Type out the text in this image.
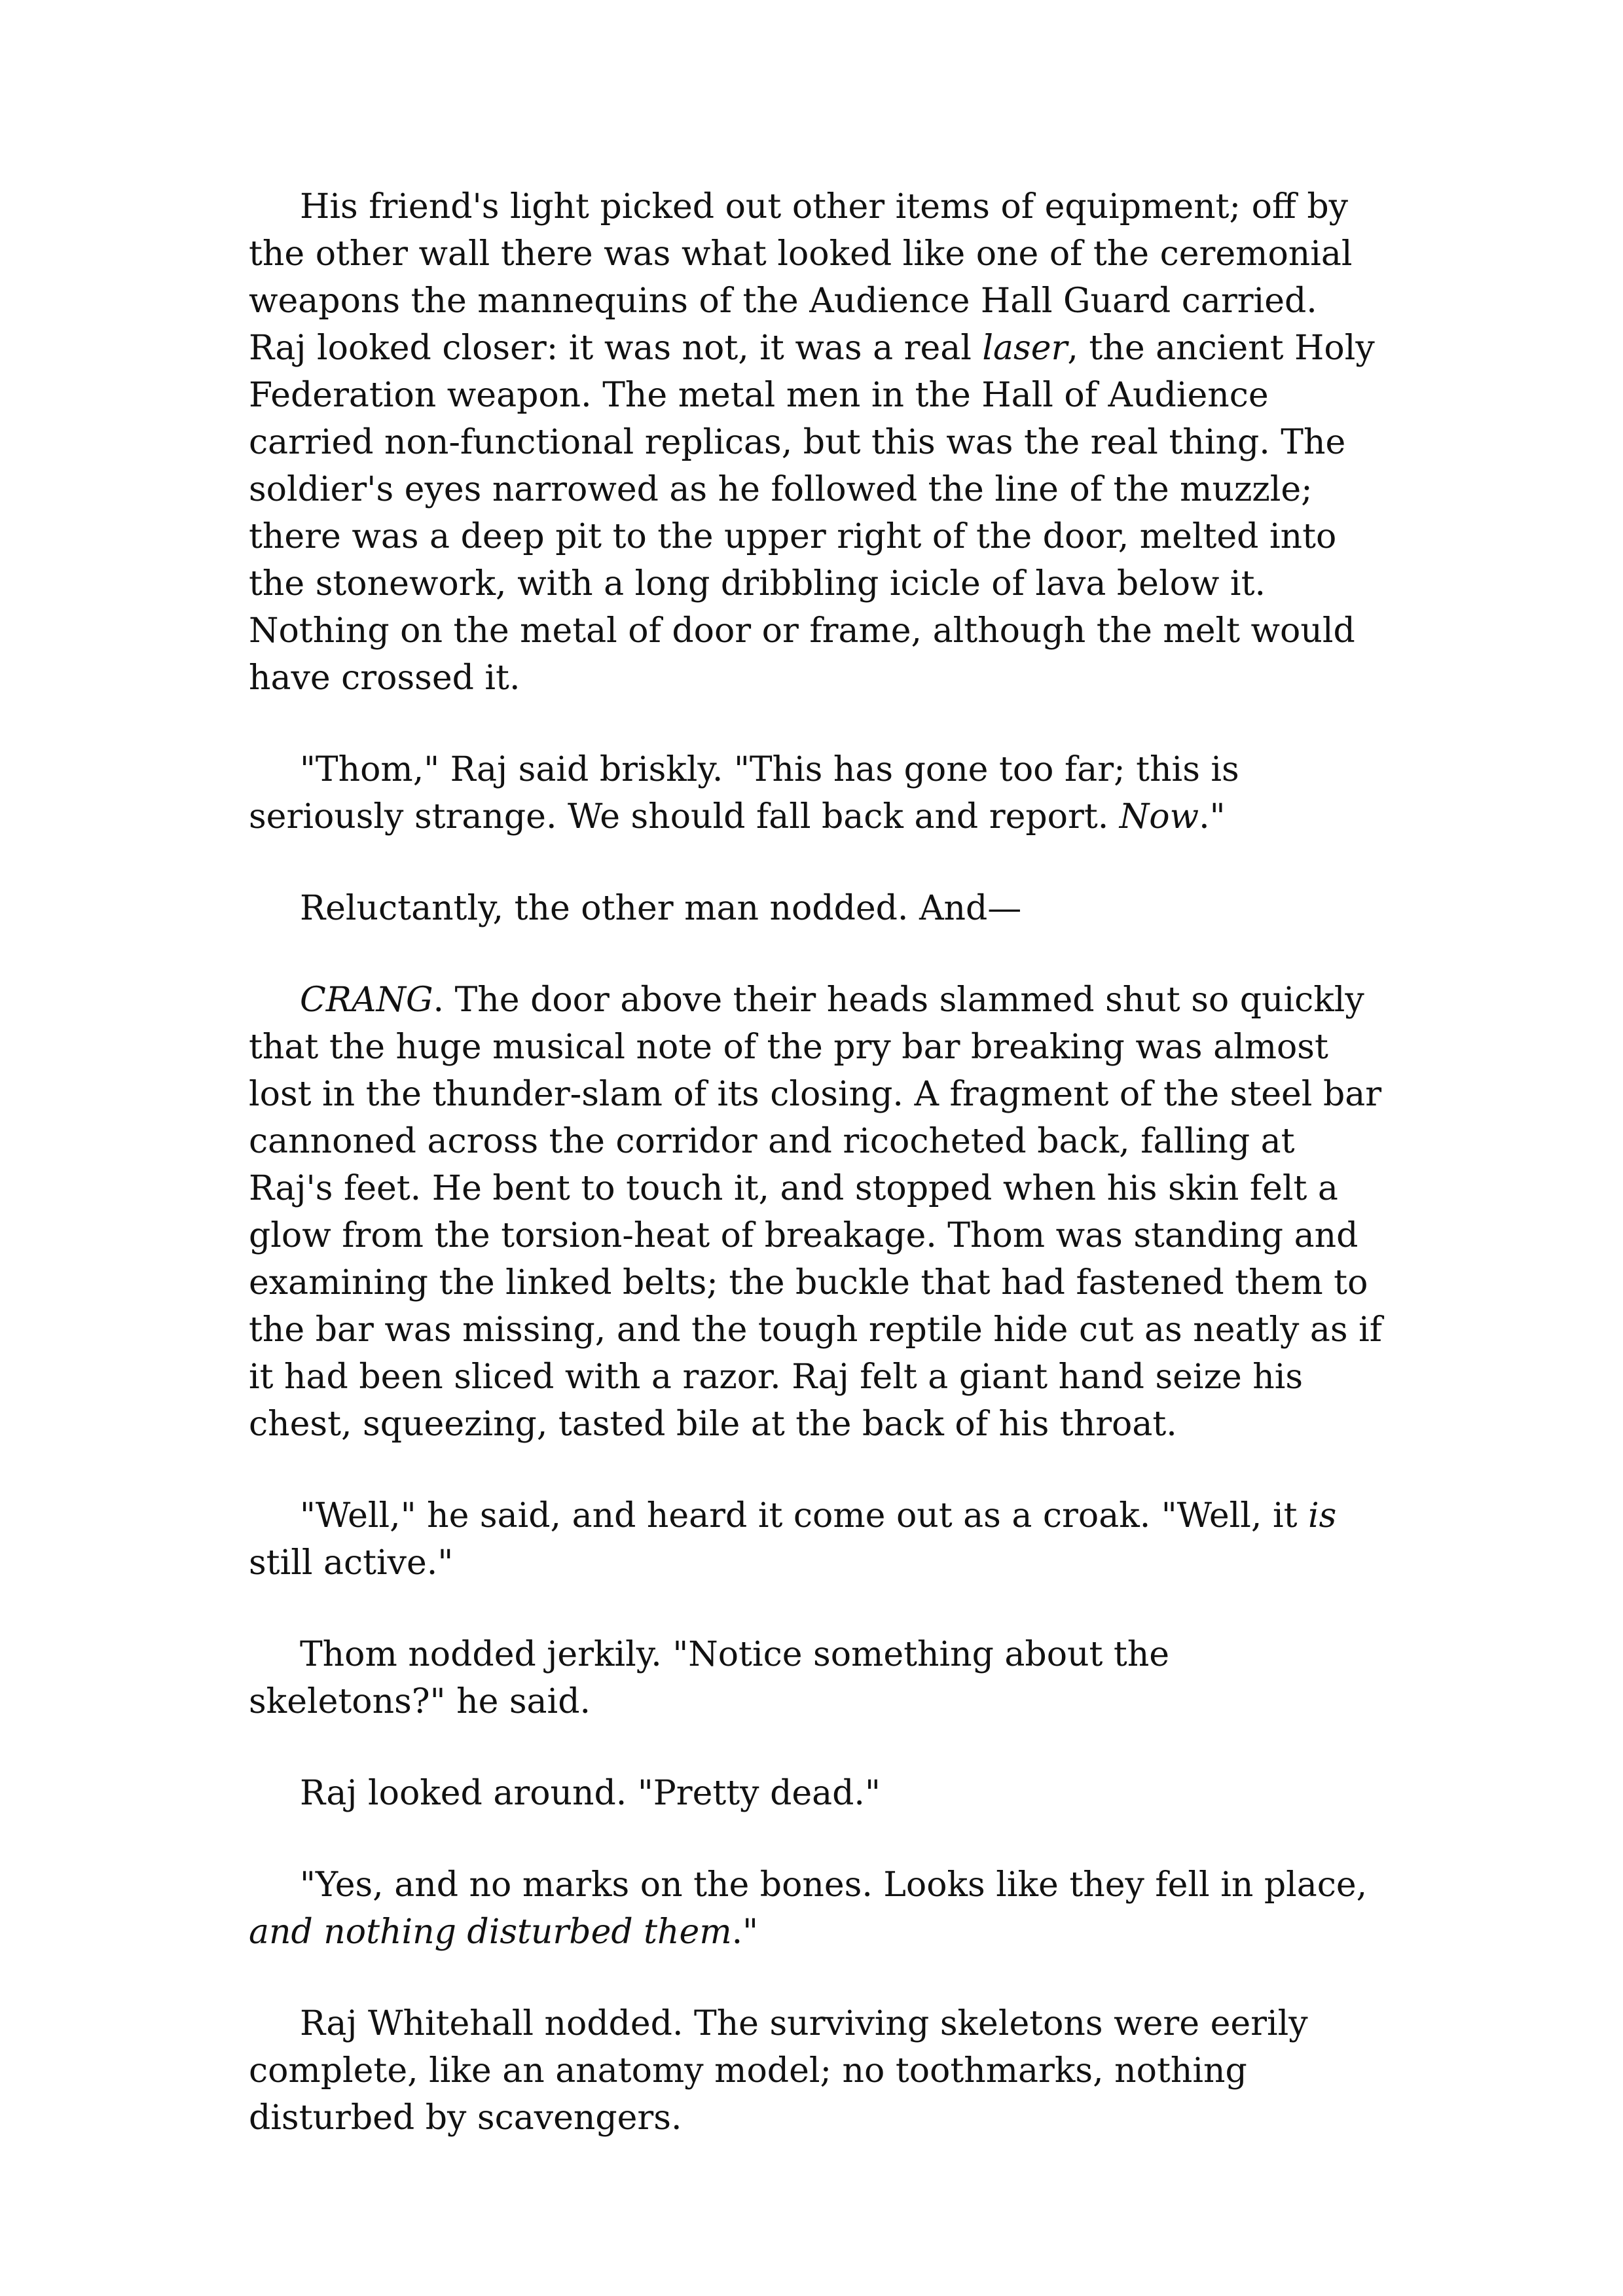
His friend's light picked out other items of equipment; off by
the other wall there was what looked like one of the ceremonial
weapons the mannequins of the Audience Hall Guard carried.
Raj looked closer: it was not, it was a real laser, the ancient Holy
Federation weapon. The metal men in the Hall of Audience
carried non-functional replicas, but this was the real thing. The
soldier's eyes narrowed as he followed the line of the muzzle;
there was a deep pit to the upper right of the door, melted into
the stonework, with a long dribbling icicle of lava below it.
Nothing on the metal of door or frame, although the melt would
have crossed it.

"Thom," Raj said briskly. "This has gone too far; this is
seriously strange. We should fall back and report. Now."

Reluctantly, the other man nodded. And—

CRANG. The door above their heads slammed shut so quickly
that the huge musical note of the pry bar breaking was almost
lost in the thunder-slam of its closing. A fragment of the steel bar
cannoned across the corridor and ricocheted back, falling at
Raj's feet. He bent to touch it, and stopped when his skin felt a
glow from the torsion-heat of breakage. Thom was standing and
examining the linked belts; the buckle that had fastened them to
the bar was missing, and the tough reptile hide cut as neatly as if
it had been sliced with a razor. Raj felt a giant hand seize his
chest, squeezing, tasted bile at the back of his throat.

"Well," he said, and heard it come out as a croak. "Well, it is
still active."

Thom nodded jerkily. "Notice something about the
skeletons?" he said.

Raj looked around. "Pretty dead."

"Yes, and no marks on the bones. Looks like they fell in place,
and nothing disturbed them."

Raj Whitehall nodded. The surviving skeletons were eerily
complete, like an anatomy model; no toothmarks, nothing
disturbed by scavengers.
